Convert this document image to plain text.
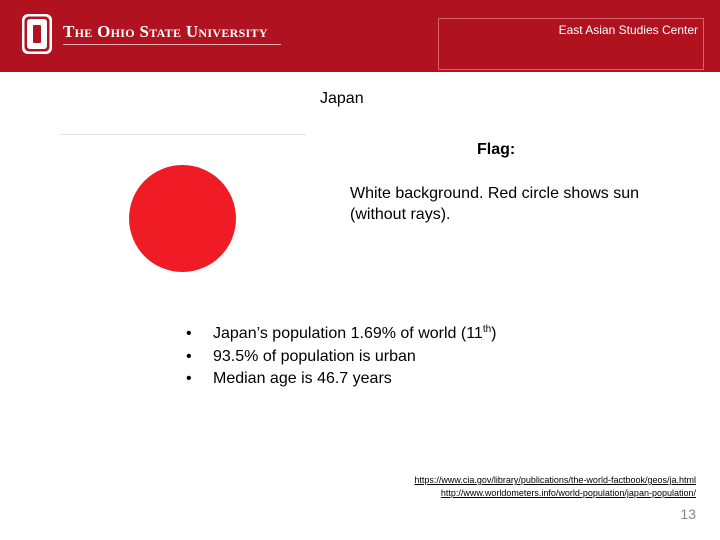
The Ohio State University	East Asian Studies Center
Japan
Flag:
White background. Red circle shows sun (without rays).
• Japan’s population 1.69% of world (11th)
• 93.5% of population is urban
• Median age is 46.7 years
https://www.cia.gov/library/publications/the-world-factbook/geos/ja.html
http://www.worldometers.info/world-population/japan-population/
13
